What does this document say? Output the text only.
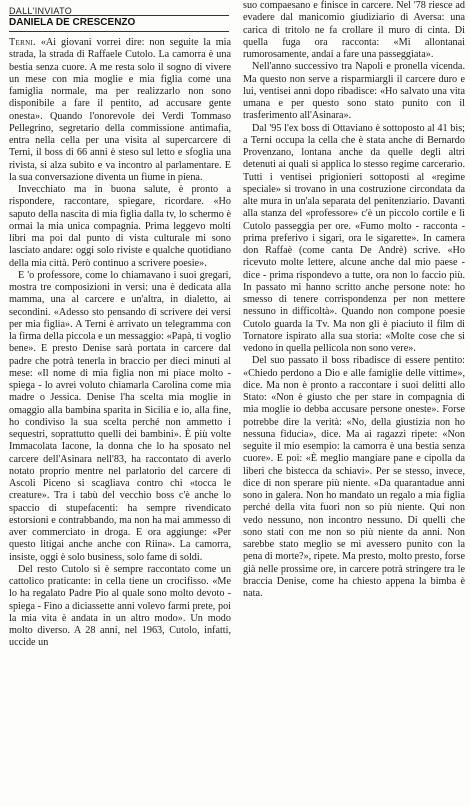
DALL'INVIATO
DANIELA DE CRESCENZO

Terni. «Ai giovani vorrei dire: non seguite la mia strada, la strada di Raffaele Cutolo. La camorra è una bestia senza cuore. A me resta solo il sogno di vivere un mese con mia moglie e mia figlia come una famiglia normale, ma per realizzarlo non sono disponibile a fare il pentito, ad accusare gente onesta». Quando l'onorevole dei Verdi Tommaso Pellegrino, segretario della commissione antimafia, entra nella cella per una visita al supercarcere di Terni, il boss di 66 anni è steso sul letto e sfoglia una rivista, si alza subito e va incontro al parlamentare. E la sua conversazione diventa un fiume in piena.

Invecchiato ma in buona salute, è pronto a rispondere, raccontare, spiegare, ricordare. «Ho saputo della nascita di mia figlia dalla tv, lo schermo è ormai la mia unica compagnia. Prima leggevo molti libri ma poi dal punto di vista culturale mi sono lasciato andare: oggi solo riviste e qualche quotidiano della mia città. Però continuo a scrivere poesie».

E 'o professore, come lo chiamavano i suoi gregari, mostra tre composizioni in versi: una è dedicata alla mamma, una al carcere e un'altra, in dialetto, ai secondini. «Adesso sto pensando di scrivere dei versi per mia figlia». A Terni è arrivato un telegramma con la firma della piccola e un messaggio: «Papà, ti voglio bene». E presto Denise sarà portata in carcere dal padre che potrà tenerla in braccio per dieci minuti al mese: «Il nome di mia figlia non mi piace molto - spiega - lo avrei voluto chiamarla Carolina come mia madre o Jessica. Denise l'ha scelta mia moglie in omaggio alla bambina sparita in Sicilia e io, alla fine, ho condiviso la sua scelta perché non ammetto i sequestri, soprattutto quelli dei bambini». È più volte Immacolata Iacone, la donna che lo ha sposato nel carcere dell'Asinara nell'83, ha raccontato di averlo notato proprio mentre nel parlatorio del carcere di Ascoli Piceno si scagliava contro chi «tocca le creature». Tra i tabù del vecchio boss c'è anche lo spaccio di stupefacenti: ha sempre rivendicato estorsioni e contrabbando, ma non ha mai ammesso di aver commerciato in droga. E ora aggiunge: «Per questo litigai anche anche con Riina». La camorra, insiste, oggi è solo business, solo fame di soldi.

Del resto Cutolo si è sempre raccontato come un cattolico praticante: in cella tiene un crocifisso. «Me lo ha regalato Padre Pio al quale sono molto devoto - spiega - Fino a diciassette anni volevo farmi prete, poi la mia vita è andata in un altro modo». Un modo molto diverso. A 28 anni, nel 1963, Cutolo, infatti, uccide un

suo compaesano e finisce in carcere. Nel '78 riesce ad evadere dal manicomio giudiziario di Aversa: una carica di tritolo ne fa crollare il muro di cinta. Di quella fuga ora racconta: «Mi allontanai rumorosamente, andai a fare una passeggiata».

Nell'anno successivo tra Napoli e pronella vicenda. Ma questo non serve a risparmiargli il carcere duro e lui, ventisei anni dopo ribadisce: «Ho salvato una vita umana e per questo sono stato punito con il trasferimento all'Asinara».

Dal '95 l'ex boss di Ottaviano è sottoposto al 41 bis; a Terni occupa la cella che è stata anche di Bernardo Provenzano, lontana anche da quelle degli altri detenuti ai quali si applica lo stesso regime carcerario. Tutti i ventisei prigionieri sottoposti al «regime speciale» si trovano in una costruzione circondata da alte mura in un'ala separata del penitenziario. Davanti alla stanza del «professore» c'è un piccolo cortile e lì Cutolo passeggia per ore. «Fumo molto - racconta - prima preferivo i sigari, ora le sigarette». In camera don Raffaè (come canta De Andrè) scrive. «Ho ricevuto molte lettere, alcune anche dal mio paese - dice - prima rispondevo a tutte, ora non lo faccio più. In passato mi hanno scritto anche persone note: ho smesso di tenere corrispondenza per non mettere nessuno in difficoltà». Quando non compone poesie Cutolo guarda la Tv. Ma non gli è piaciuto il film di Tornatore ispirato alla sua storia: «Molte cose che si vedono in quella pellicola non sono vere».

Del suo passato il boss ribadisce di essere pentito: «Chiedo perdono a Dio e alle famiglie delle vittime», dice. Ma non è pronto a raccontare i suoi delitti allo Stato: «Non è giusto che per stare in compagnia di mia moglie io debba accusare persone oneste». Forse potrebbe dire la verità: «No, della giustizia non ho nessuna fiducia», dice. Ma ai ragazzi ripete: «Non seguite il mio esempio: la camorra è una bestia senza cuore». E poi: «È meglio mangiare pane e cipolla da liberi che bistecca da schiavi». Per se stesso, invece, dice di non sperare più niente. «Da quarantadue anni sono in galera. Non ho mandato un regalo a mia figlia perché della vita fuori non so più niente. Qui non vedo nessuno, non incontro nessuno. Di quelli che sono stati con me non so più niente da anni. Non sarebbe stato meglio se mi avessero punito con la pena di morte?», ripete. Ma presto, molto presto, forse già nelle prossime ore, in carcere potrà stringere tra le braccia Denise, come ha chiesto appena la bimba è nata.
